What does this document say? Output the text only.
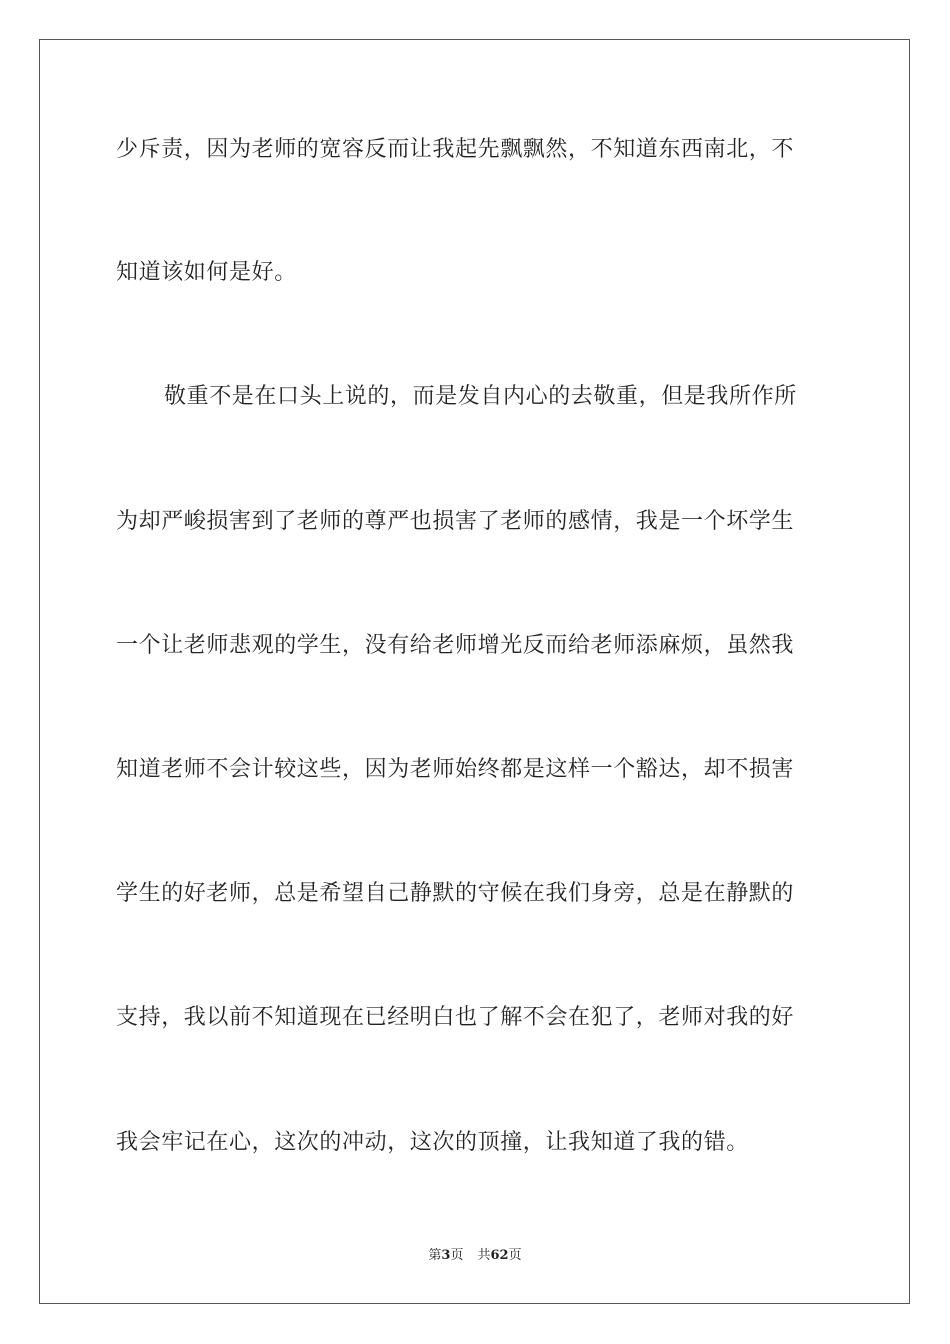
少斥责，因为老师的宽容反而让我起先飘飘然，不知道东西南北，不
知道该如何是好。
敬重不是在口头上说的，而是发自内心的去敬重，但是我所作所
为却严峻损害到了老师的尊严也损害了老师的感情，我是一个坏学生
一个让老师悲观的学生，没有给老师增光反而给老师添麻烦，虽然我
知道老师不会计较这些，因为老师始终都是这样一个豁达，却不损害
学生的好老师，总是希望自己静默的守候在我们身旁，总是在静默的
支持，我以前不知道现在已经明白也了解不会在犯了，老师对我的好
我会牢记在心，这次的冲动，这次的顶撞，让我知道了我的错。
第3页 共62页
